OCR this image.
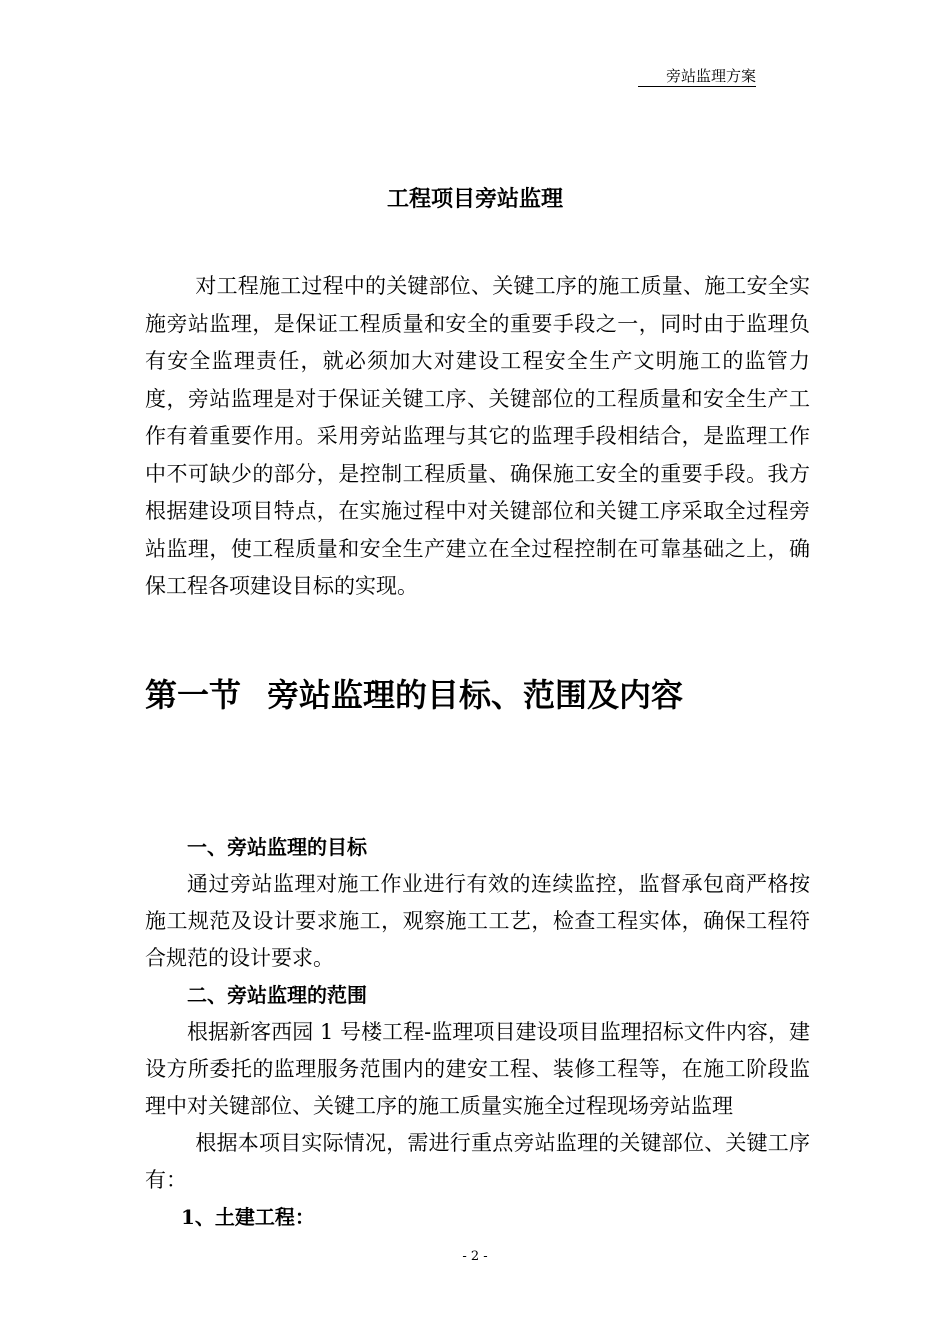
旁站监理方案
工程项目旁站监理

对工程施工过程中的关键部位、关键工序的施工质量、施工安全实施旁站监理，是保证工程质量和安全的重要手段之一，同时由于监理负有安全监理责任，就必须加大对建设工程安全生产文明施工的监管力度，旁站监理是对于保证关键工序、关键部位的工程质量和安全生产工作有着重要作用。采用旁站监理与其它的监理手段相结合，是监理工作中不可缺少的部分，是控制工程质量、确保施工安全的重要手段。我方根据建设项目特点，在实施过程中对关键部位和关键工序采取全过程旁站监理，使工程质量和安全生产建立在全过程控制在可靠基础之上，确保工程各项建设目标的实现。

第一节 旁站监理的目标、范围及内容

一、旁站监理的目标

通过旁站监理对施工作业进行有效的连续监控，监督承包商严格按施工规范及设计要求施工，观察施工工艺，检查工程实体，确保工程符合规范的设计要求。

二、旁站监理的范围

根据新客西园 1 号楼工程-监理项目建设项目监理招标文件内容，建设方所委托的监理服务范围内的建安工程、装修工程等，在施工阶段监理中对关键部位、关键工序的施工质量实施全过程现场旁站监理

根据本项目实际情况，需进行重点旁站监理的关键部位、关键工序有：

1、土建工程：

- 2 -
